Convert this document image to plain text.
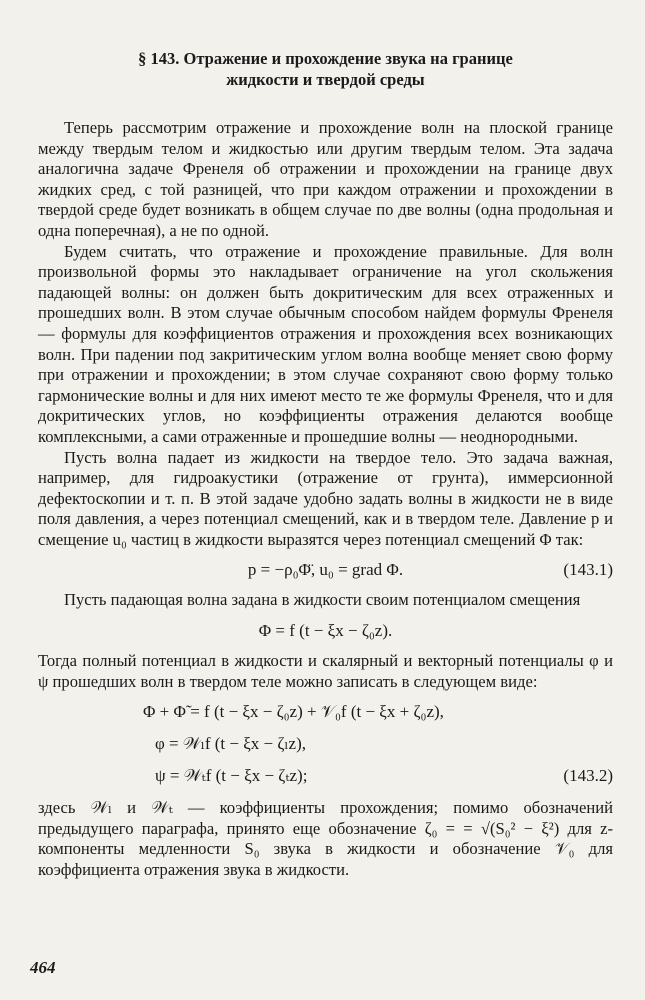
§ 143. Отражение и прохождение звука на границе
жидкости и твердой среды

Теперь рассмотрим отражение и прохождение волн на плоской границе между твердым телом и жидкостью или другим твердым телом. Эта задача аналогична задаче Френеля об отражении и прохождении на границе двух жидких сред, с той разницей, что при каждом отражении и прохождении в твердой среде будет возникать в общем случае по две волны (одна продольная и одна поперечная), а не по одной.

Будем считать, что отражение и прохождение правильные. Для волн произвольной формы это накладывает ограничение на угол скольжения падающей волны: он должен быть докритическим для всех отраженных и прошедших волн. В этом случае обычным способом найдем формулы Френеля — формулы для коэффициентов отражения и прохождения всех возникающих волн. При падении под закритическим углом волна вообще меняет свою форму при отражении и прохождении; в этом случае сохраняют свою форму только гармонические волны и для них имеют место те же формулы Френеля, что и для докритических углов, но коэффициенты отражения делаются вообще комплексными, а сами отраженные и прошедшие волны — неоднородными.

Пусть волна падает из жидкости на твердое тело. Это задача важная, например, для гидроакустики (отражение от грунта), иммерсионной дефектоскопии и т. п. В этой задаче удобно задать волны в жидкости не в виде поля давления, а через потенциал смещений, как и в твердом теле. Давление p и смещение u₀ частиц в жидкости выразятся через потенциал смещений Φ так:

p = −ρ₀Φ̈, u₀ = grad Φ.	(143.1)

Пусть падающая волна задана в жидкости своим потенциалом смещения

Φ = f (t − ξx − ζ₀z).

Тогда полный потенциал в жидкости и скалярный и векторный потенциалы φ и ψ прошедших волн в твердом теле можно записать в следующем виде:

Φ + Φ̃ = f (t − ξx − ζ₀z) + 𝒱₀f (t − ξx + ζ₀z),
φ = 𝒲ₗf (t − ξx − ζₗz),
ψ = 𝒲ₜf (t − ξx − ζₜz);	(143.2)

здесь 𝒲ₗ и 𝒲ₜ — коэффициенты прохождения; помимо обозначений предыдущего параграфа, принято еще обозначение ζ₀ = = √(S₀² − ξ²) для z-компоненты медленности S₀ звука в жидкости и обозначение 𝒱₀ для коэффициента отражения звука в жидкости.

464
